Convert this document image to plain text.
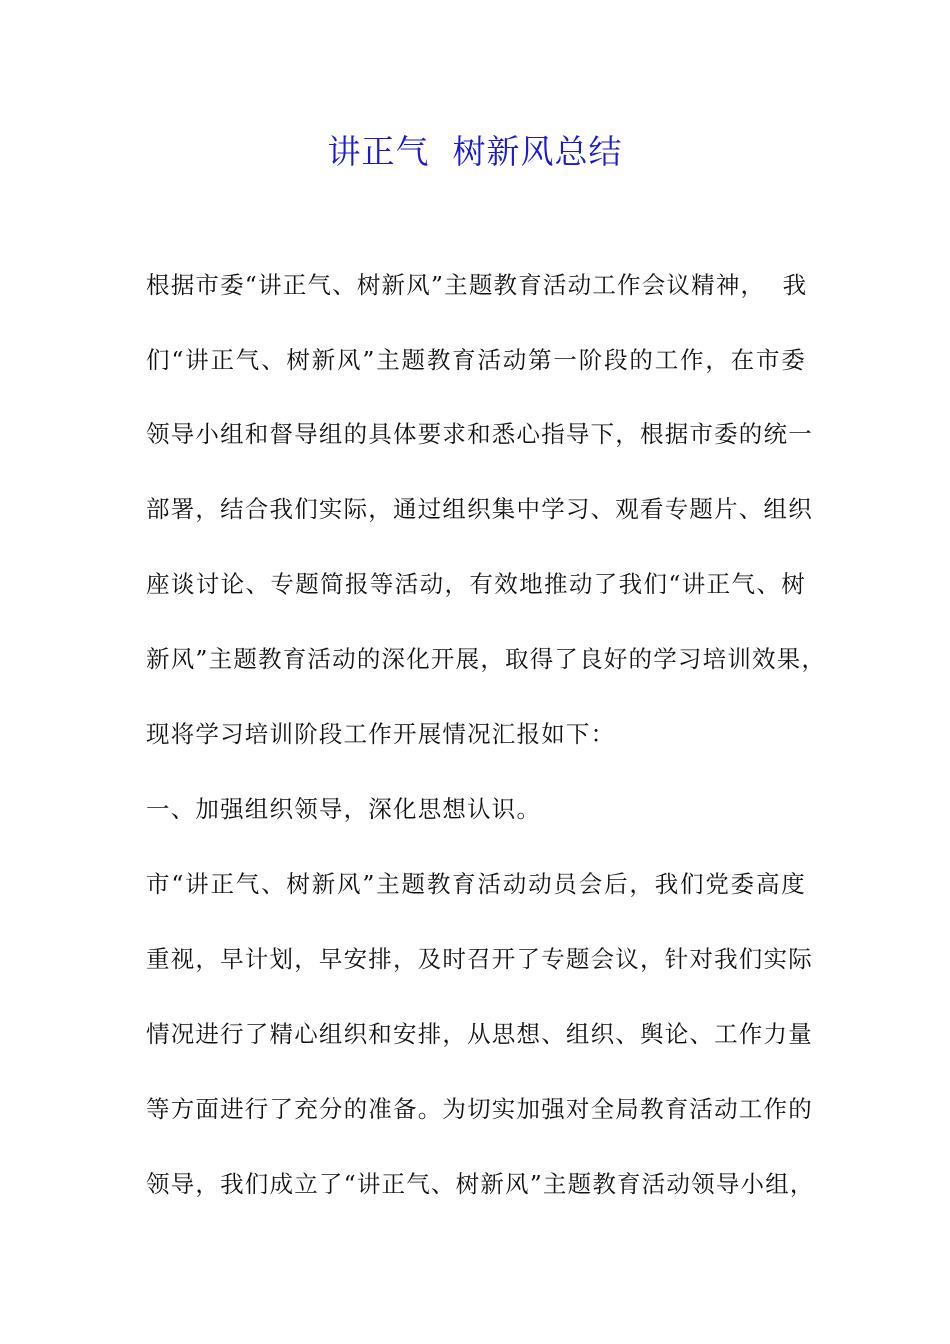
讲正气  树新风总结
根据市委“讲正气、树新风”主题教育活动工作会议精神，  我
们“讲正气、树新风”主题教育活动第一阶段的工作，在市委
领导小组和督导组的具体要求和悉心指导下，根据市委的统一
部署，结合我们实际，通过组织集中学习、观看专题片、组织
座谈讨论、专题简报等活动，有效地推动了我们“讲正气、树
新风”主题教育活动的深化开展，取得了良好的学习培训效果，
现将学习培训阶段工作开展情况汇报如下：
一、加强组织领导，深化思想认识。
市“讲正气、树新风”主题教育活动动员会后，我们党委高度
重视，早计划，早安排，及时召开了专题会议，针对我们实际
情况进行了精心组织和安排，从思想、组织、舆论、工作力量
等方面进行了充分的准备。为切实加强对全局教育活动工作的
领导，我们成立了“讲正气、树新风”主题教育活动领导小组，
